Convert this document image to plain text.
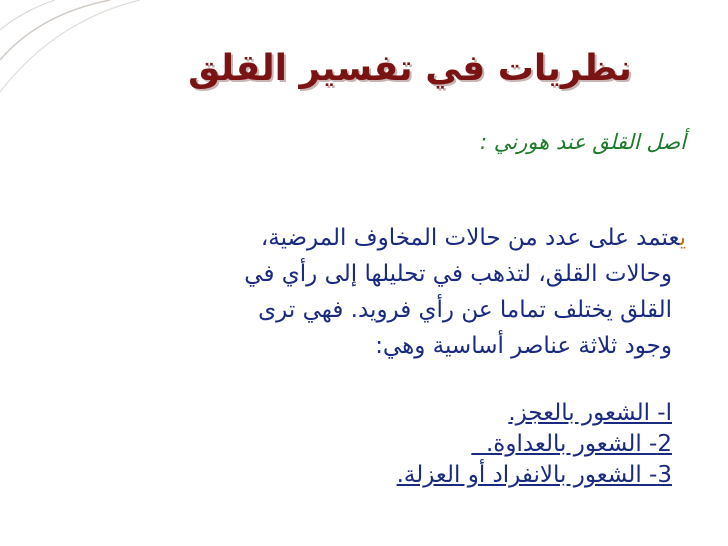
نظريات في تفسير القلق
أصل القلق عند هورني :
يعتمد على عدد من حالات المخاوف المرضية،
وحالات القلق، لتذهب في تحليلها إلى رأي في
القلق يختلف تماما عن رأي فرويد. فهي ترى
وجود ثلاثة عناصر أساسية وهي:
ا- الشعور بالعجز.
2- الشعور بالعداوة.
3- الشعور بالانفراد أو العزلة.
